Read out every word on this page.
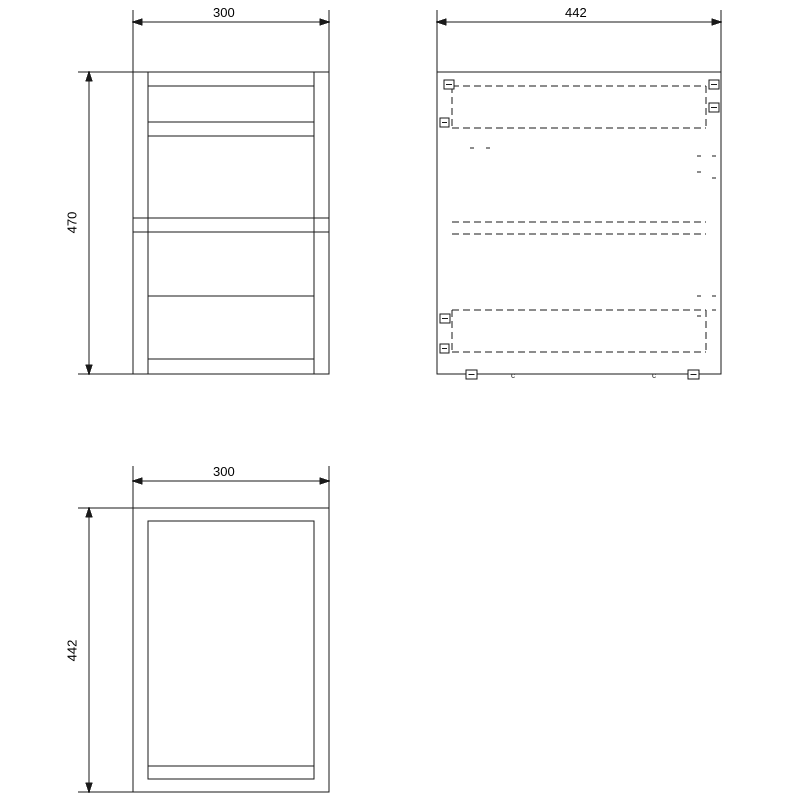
c	c
300
470
442
300
442
